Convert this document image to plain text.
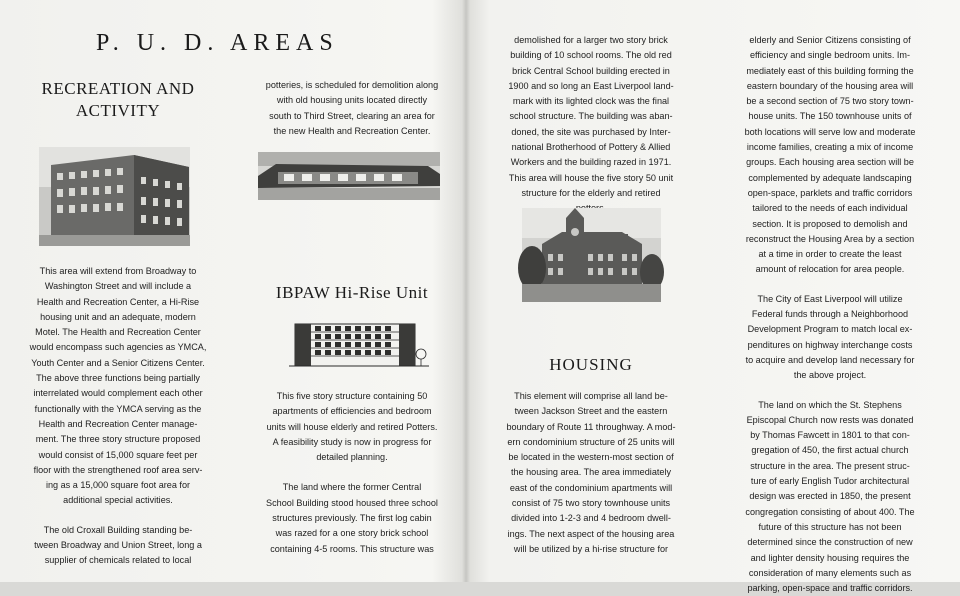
P. U. D. AREAS
RECREATION AND
ACTIVITY
This area will extend from Broadway to
Washington Street and will include a
Health and Recreation Center, a Hi-Rise
housing unit and an adequate, modern
Motel. The Health and Recreation Center
would encompass such agencies as YMCA,
Youth Center and a Senior Citizens Center.
The above three functions being partially
interrelated would complement each other
functionally with the YMCA serving as the
Health and Recreation Center manage-
ment. The three story structure proposed
would consist of 15,000 square feet per
floor with the strengthened roof area serv-
ing as a 15,000 square foot area for
additional special activities.
The old Croxall Building standing be-
tween Broadway and Union Street, long a
supplier of chemicals related to local
potteries, is scheduled for demolition along
with old housing units located directly
south to Third Street, clearing an area for
the new Health and Recreation Center.
IBPAW Hi-Rise Unit
This five story structure containing 50
apartments of efficiencies and bedroom
units will house elderly and retired Potters.
A feasibility study is now in progress for
detailed planning.
The land where the former Central
School Building stood housed three school
structures previously. The first log cabin
was razed for a one story brick school
containing 4-5 rooms. This structure was
demolished for a larger two story brick
building of 10 school rooms. The old red
brick Central School building erected in
1900 and so long an East Liverpool land-
mark with its lighted clock was the final
school structure. The building was aban-
doned, the site was purchased by Inter-
national Brotherhood of Pottery & Allied
Workers and the building razed in 1971.
This area will house the five story 50 unit
structure for the elderly and retired
HOUSING
This element will comprise all land be-
tween Jackson Street and the eastern
boundary of Route 11 throughway. A mod-
ern condominium structure of 25 units will
be located in the western-most section of
the housing area. The area immediately
east of the condominium apartments will
consist of 75 two story townhouse units
divided into 1-2-3 and 4 bedroom dwell-
ings. The next aspect of the housing area
will be utilized by a hi-rise structure for
elderly and Senior Citizens consisting of
efficiency and single bedroom units. Im-
mediately east of this building forming the
eastern boundary of the housing area will
be a second section of 75 two story town-
house units. The 150 townhouse units of
both locations will serve low and moderate
income families, creating a mix of income
groups. Each housing area section will be
complemented by adequate landscaping
open-space, parklets and traffic corridors
tailored to the needs of each individual
section. It is proposed to demolish and
reconstruct the Housing Area by a section
at a time in order to create the least
amount of relocation for area people.
The City of East Liverpool will utilize
Federal funds through a Neighborhood
Development Program to match local ex-
penditures on highway interchange costs
to acquire and develop land necessary for
the above project.
The land on which the St. Stephens
Episcopal Church now rests was donated
by Thomas Fawcett in 1801 to that con-
gregation of 450, the first actual church
structure in the area. The present struc-
ture of early English Tudor architectural
design was erected in 1850, the present
congregation consisting of about 400. The
future of this structure has not been
determined since the construction of new
and lighter density housing requires the
consideration of many elements such as
parking, open-space and traffic corridors.
